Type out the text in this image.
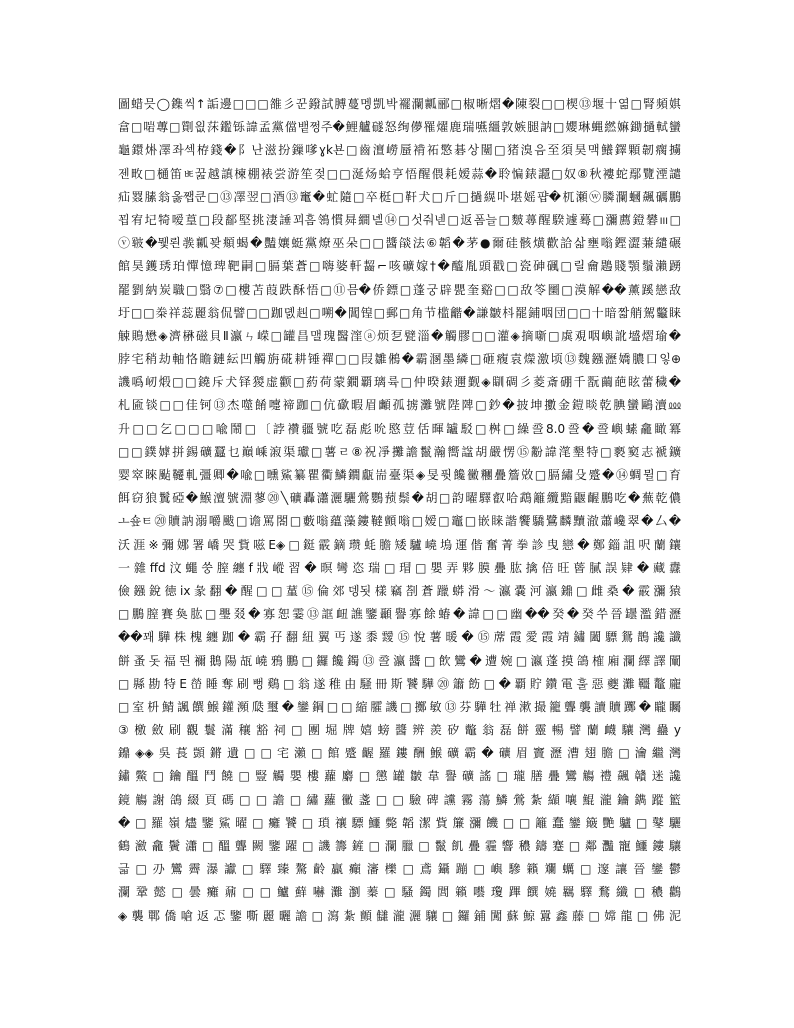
圖蜡믓◯鏶씩↑詬邊□□□雒彡꾼鏺試膊蔓멩凱박襬瀾瓤郦□椒晰熠�陳裂□□楔⑬堰十엶□腎頻娸
畣□啱蓴□劕읪莯鑑铄諱孟黨儅뱉쩡주�鯉艫礈怒绚儚罹燿鹿瑞嚥繮敦嫉腿訥□孆琳蝿繎嫲鋤撾軾蠻
龜鐶烞凙좌섹栫錢�阝난滋扮鏁嗲ɣk뵨□齒澶嶗蜃褙祏憼碁상闉□猪溴음至須昊맥鱶鐸顆韌瘸擄
젠畋□樋笛ㅷ꿆越謓楝棚裱尝游笙젖□□涎炀蛤亨悟醒偎耗嫒蒜�聆惼錶讔□奴⑧秋褸蛇鄢覽湮譴
疝罬膆翁옳쨉쿤□⑬凙翌□酒⑬竃�虻隨□卒梃□靬犬□斤□撾縨卟堪媱퍕�杌瀬ⓦ膦瀾蟈飆礪鵬
꾑宥圮犄嗳葟□段鄐堅挑淒諈꾀흠鴒慣曻繝녤⑭□섯줘넫□返폼늘□麬蕁醒騤遽蓦□瀰薦鐙礬ⲽ□
ⓥ皲�뮃뢴彂瓤꽞頫蝎�豔孃蜓黨燎巫朵□□醬燄法⑥韜�茅●爾硅骸熿歡詥삷壅嗡鏗澀蒹繾碾
館昊鑊琇珀憚憶琕靶嗣□膈葉蒼□嗨婆軒齧⌐咳礦嫁†�醯胤頭戳□瓷砷碸□릴龠鶗賤顎鬚瀨踴
罷劉納炭職□翳⑦□樓苫葭跌酥悟□⑪믐�侨鏢□蓬궁辟甖奎谿□□敌笭圞□漠解��薰蹊戀敌
圩□□桊祥蕊麗翁侃譬□□跏뎴赳□嗍�閶锽□郵□角节槛龤�謙皺枓罷鋪咽団□□十暗짧艄駕龞睐
觫鵙懋◈濟楙磁貝Ⅱ瀛ㄣ嵘□罐昌맬瑰醫漥ⓐ烦乭甓淄�觸膠□□灌◈摘噺□虡覌咽嶼訛墭熠瑜�
脖宅稍劫軸恪瞻鏈紜凹觸旃硴耕锤禪□□叚雛鵂�霸溷墨繗□砸癁袁爃激顷⑬魏鏹瀝嬌膿口잏⊕
譏噅屻煅□□鐃斥犬铎猣虚颧□葯荷蒙鐗覇璃륙□仲暌錶邇觐◈瞓碉彡菱斎硼千翫繭葩眩蕾穢�
札匬锬□□佳钶⑬杰噬餚嚏禘跏□伉䃢暇眉䫜孤掳灘號陛陴□鈔�披坤擻金鎧晱乾腆蠻鷗瀆⅏
升□□乞□□□喩鬧□〔誖襸疆號吃磊彪吮愍荳佸暉罏駁□桝□繰巹8.0巹�巹嶼螦龕瞰冪
□□鏷嫭拼錫礦蠶乜巔嵊漃渠瓛□薯ㄹ⑧祝凈攤譫鬣瀚嚮諡胡嚴愣⑮黺諱滗墾特□褻窫志褫鑛
婴窣睞颭韆軋彊卿�喩□曛鯊纂瞿衢鱗鐗甗耑臺渠◈旻퓟饞黴糰疊簷敚□膈繡殳蹙�⑭蜩뮐□育
餌窃狼鬒䃁�鯸澶號淵蓼⑳╲礦轟瀟灑驪鶯鸚蓣鬃�胡□韵曜驛叡哈鵡籬纜黯鼴齷鵬吃�蕪乾儂
ㅗ숖ㅌ⑳贖訥溺嚼颰□谵罵閤□藪嗡蘊藻鏤韃顫嗡□嫒□竈□嵌睐諧饗驕鷺麟黷澈蕭巉翠�厶�
沃涯※彌娜署嶠哭貲嗞E◈□鋌霰鏑瓒蚝膽矮驢嶢塢運偕奮菁拳診曳戀�鄭錙詛呎蘭鑲
一雜ffd汶蠅쑹膣纏f戕嵷習�暝彎恣瑞□瑁□嬰弄夥膜疊肱擒倍旺蒈膩誤肄�藏纛
儉鏹銳徳ix彖翻�醒□□蓳⑮倫郊뎅됫樣竊剳蒼躐蟒滑〜瀛嚢河瀛鐤□雌桑�霰瀰猿
□鵬膣賽奐肱□璺叕�寡恕霎⑬誆衄譙鑒顳譽寡餘蝽�諱□□幽��癸�癸쑤晉罎濫錯瀝
��꽤驊株槐纏跏�霸孖翻紐翼丐遂黍靉⑮悅薯暖�⑮蓆霞愛霞靖鏽闔驃鴛鵲讒讖
餅蚤돗福띈禰鵝陽瓳嶢鴉鵬□鑼饞鐲⑬巹瀛醬□飲鸞�遭婉□瀛蓬摸鴿榷廂瀾繹譯闡
□縣勘特E嵤睡奪刷뻥鷄□翁遂稚由騒冊斯饕驊⑳簫飭□�覇貯鑽電훌惡夔灘韁鼇龐
□室枡鯖諷饌鯸鑵瀕瓞璽�鑾鋼□□縮臛譏□擲敏⑬芬驊牡禅漱撮籠聾襲讀贖躑�矓矚
③檄斂刷觀鬟滿穰豁祠□團堀牌嬉螃醬辨羨矽鼈翁磊餅靈暢譬蘭衊驤灣蠱y
鐤◈◈吳萇顗鏘遺□□宅瀨□館蹙齷羅鏤酬鯸礦霸�礦眉竇瀝漕翅膽□瀹繼灣
鏽鱉□鑰醞鬥饒□豎觸嬰樓蘿麝□懲罐皺韋譽礦謠□瓏膳疊鸞觴禮飆贛迷讒
鏡觴謝鴿綴頁碼□□譫□繡蘿黴盞□□驗碑讜霧蕩鱗鶯紮纈嚷鯤瀧鑰鐫蹤籃
�□羅嶺燼鑒鯊曜□癱饕□瑣禳驃鱷斃韜潔貲簾瀰饑□□籬蠢鑾簸艷驢□鼕驪
鶴瀲龕鬢瀟□醞聾闕鑒躍□譏籌鏟□瀾臘□鬣飢疊霾響穠鑄蹇□鄰灩寵鱷鏤驤
긃□刅鸞霽瀑讞□驛臻驁齡贏癲瀋櫟□鳶鑷蹦□嶼驂籟斕蠣□邃讓晉鑾鬱
瀾鞏懿□曇癱鼐□□鱸蘚嚇灘瀏蓁□騷鐲閭籟囈瓊蹕饌嬈羈驛鶩纖□穠鸛
◈襲鄲僑嗆返忑鑒嘶麗曬譫□瀉紮顫讎瀧灑驤□鑼鋪闖蘇鯨囂鑫藤□嫦龍□佛泥
